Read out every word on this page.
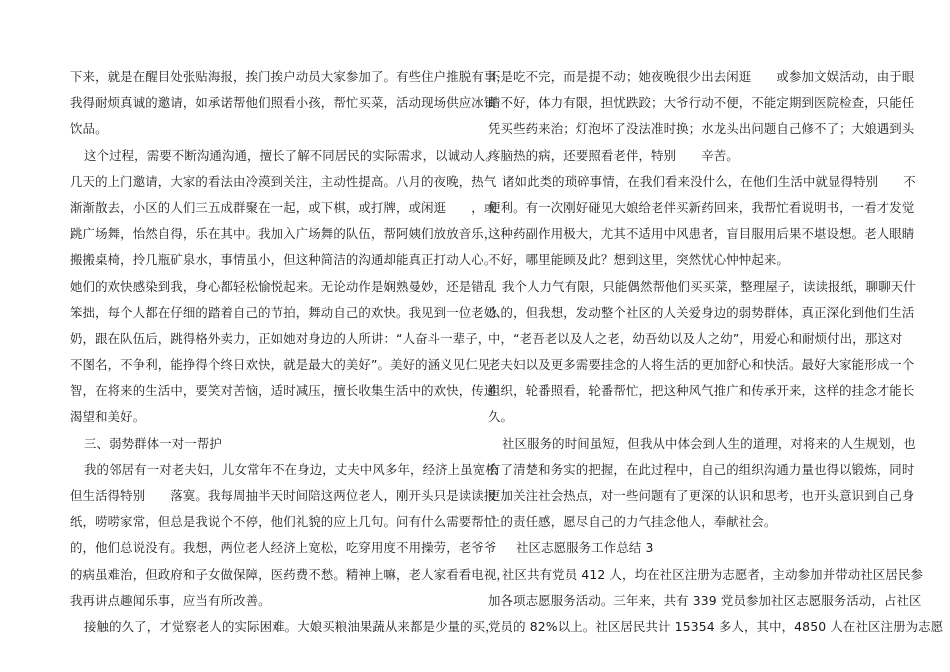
下来，就是在醒目处张贴海报，挨门挨户动员大家参加了。有些住户推脱有事，
我得耐烦真诚的邀请，如承诺帮他们照看小孩，帮忙买菜，活动现场供应冰镇
饮品。
这个过程，需要不断沟通沟通，擅长了解不同居民的实际需求，以诚动人。
几天的上门邀请，大家的看法由冷漠到关注，主动性提高。八月的夜晚，热气
渐渐散去，小区的人们三五成群聚在一起，或下棋，或打牌，或闲逛　　，或
跳广场舞，怡然自得，乐在其中。我加入广场舞的队伍，帮阿姨们放放音乐，
搬搬桌椅，拎几瓶矿泉水，事情虽小，但这种简洁的沟通却能真正打动人心。
她们的欢快感染到我，身心都轻松愉悦起来。无论动作是娴熟曼妙，还是错乱
笨拙，每个人都在仔细的踏着自己的节拍，舞动自己的欢快。我见到一位老奶
奶，跟在队伍后，跳得格外卖力，正如她对身边的人所讲：“人奋斗一辈子，
不图名，不争利，能挣得个终日欢快，就是最大的美好”。美好的涵义见仁见
智，在将来的生活中，要笑对苦恼，适时减压，擅长收集生活中的欢快，传递
渴望和美好。
三、弱势群体一对一帮护
我的邻居有一对老夫妇，儿女常年不在身边，丈夫中风多年，经济上虽宽松
但生活得特别　　落寞。我每周抽半天时间陪这两位老人，刚开头只是读读报
纸，唠唠家常，但总是我说个不停，他们礼貌的应上几句。问有什么需要帮忙
的，他们总说没有。我想，两位老人经济上宽松，吃穿用度不用操劳，老爷爷
的病虽难治，但政府和子女做保障，医药费不愁。精神上嘛，老人家看看电视，
我再讲点趣闻乐事，应当有所改善。
接触的久了，才觉察老人的实际困难。大娘买粮油果蔬从来都是少量的买，
不是吃不完，而是提不动；她夜晚很少出去闲逛　　或参加文娱活动，由于眼
睛不好，体力有限，担忧跌跤；大爷行动不便，不能定期到医院检查，只能任
凭买些药来治；灯泡坏了没法准时换；水龙头出问题自己修不了；大娘遇到头
疼脑热的病，还要照看老伴，特别　　辛苦。
诸如此类的琐碎事情，在我们看来没什么，在他们生活中就显得特别　　不
便利。有一次刚好碰见大娘给老伴买新药回来，我帮忙看说明书，一看才发觉
这种药副作用极大，尤其不适用中风患者，盲目服用后果不堪设想。老人眼睛
不好，哪里能顾及此？想到这里，突然忧心忡忡起来。
我个人力气有限，只能偶然帮他们买买菜，整理屋子，读读报纸，聊聊天什
么的，但我想，发动整个社区的人关爱身边的弱势群体，真正深化到他们生活
中，“老吾老以及人之老，幼吾幼以及人之幼”，用爱心和耐烦付出，那这对
老夫妇以及更多需要挂念的人将生活的更加舒心和快活。最好大家能形成一个
组织，轮番照看，轮番帮忙，把这种风气推广和传承开来，这样的挂念才能长
久。
社区服务的时间虽短，但我从中体会到人生的道理，对将来的人生规划，也
有了清楚和务实的把握，在此过程中，自己的组织沟通力量也得以锻炼，同时
更加关注社会热点，对一些问题有了更深的认识和思考，也开头意识到自己身
上的责任感，愿尽自己的力气挂念他人，奉献社会。
社区志愿服务工作总结 3
社区共有党员 412 人，均在社区注册为志愿者，主动参加并带动社区居民参
加各项志愿服务活动。三年来，共有 339 党员参加社区志愿服务活动，占社区
党员的 82%以上。社区居民共计 15354 多人，其中，4850 人在社区注册为志愿
